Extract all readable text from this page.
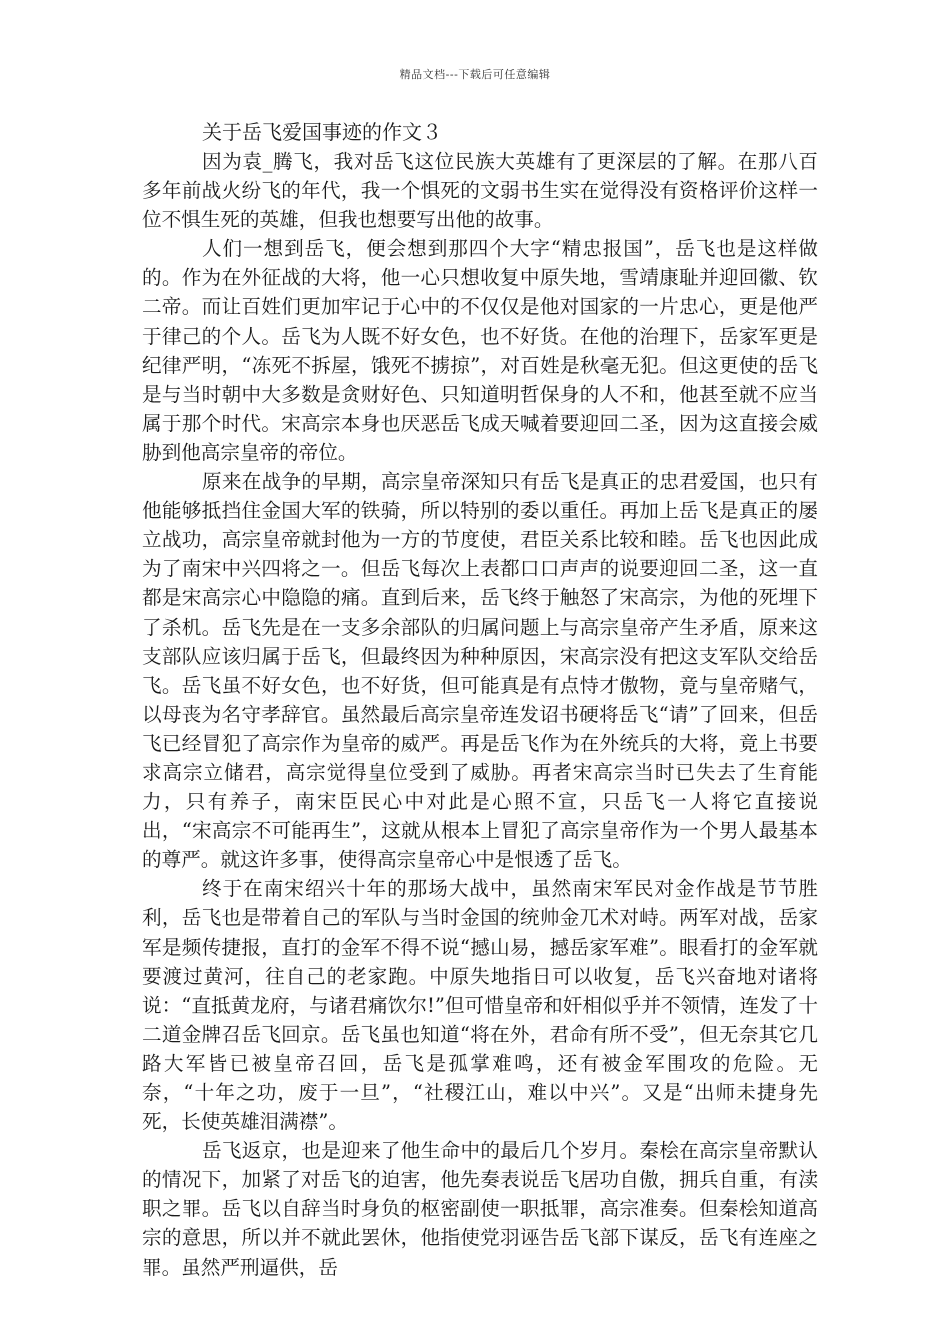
精品文档---下载后可任意编辑
关于岳飞爱国事迹的作文３

因为袁_腾飞，我对岳飞这位民族大英雄有了更深层的了解。在那八百多年前战火纷飞的年代，我一个惧死的文弱书生实在觉得没有资格评价这样一位不惧生死的英雄，但我也想要写出他的故事。

人们一想到岳飞，便会想到那四个大字“精忠报国”，岳飞也是这样做的。作为在外征战的大将，他一心只想收复中原失地，雪靖康耻并迎回徽、钦二帝。而让百姓们更加牢记于心中的不仅仅是他对国家的一片忠心，更是他严于律己的个人。岳飞为人既不好女色，也不好货。在他的治理下，岳家军更是纪律严明，“冻死不拆屋，饿死不掳掠”，对百姓是秋毫无犯。但这更使的岳飞是与当时朝中大多数是贪财好色、只知道明哲保身的人不和，他甚至就不应当属于那个时代。宋高宗本身也厌恶岳飞成天喊着要迎回二圣，因为这直接会威胁到他高宗皇帝的帝位。

原来在战争的早期，高宗皇帝深知只有岳飞是真正的忠君爱国，也只有他能够抵挡住金国大军的铁骑，所以特别的委以重任。再加上岳飞是真正的屡立战功，高宗皇帝就封他为一方的节度使，君臣关系比较和睦。岳飞也因此成为了南宋中兴四将之一。但岳飞每次上表都口口声声的说要迎回二圣，这一直都是宋高宗心中隐隐的痛。直到后来，岳飞终于触怒了宋高宗，为他的死埋下了杀机。岳飞先是在一支多余部队的归属问题上与高宗皇帝产生矛盾，原来这支部队应该归属于岳飞，但最终因为种种原因，宋高宗没有把这支军队交给岳飞。岳飞虽不好女色，也不好货，但可能真是有点恃才傲物，竟与皇帝赌气，以母丧为名守孝辞官。虽然最后高宗皇帝连发诏书硬将岳飞“请”了回来，但岳飞已经冒犯了高宗作为皇帝的威严。再是岳飞作为在外统兵的大将，竟上书要求高宗立储君，高宗觉得皇位受到了威胁。再者宋高宗当时已失去了生育能力，只有养子，南宋臣民心中对此是心照不宣，只岳飞一人将它直接说出，“宋高宗不可能再生”，这就从根本上冒犯了高宗皇帝作为一个男人最基本的尊严。就这许多事，使得高宗皇帝心中是恨透了岳飞。

终于在南宋绍兴十年的那场大战中，虽然南宋军民对金作战是节节胜利，岳飞也是带着自己的军队与当时金国的统帅金兀术对峙。两军对战，岳家军是频传捷报，直打的金军不得不说“撼山易，撼岳家军难”。眼看打的金军就要渡过黄河，往自己的老家跑。中原失地指日可以收复，岳飞兴奋地对诸将说：“直抵黄龙府，与诸君痛饮尔!”但可惜皇帝和奸相似乎并不领情，连发了十二道金牌召岳飞回京。岳飞虽也知道“将在外，君命有所不受”，但无奈其它几路大军皆已被皇帝召回，岳飞是孤掌难鸣，还有被金军围攻的危险。无奈，“十年之功，废于一旦”，“社稷江山，难以中兴”。又是“出师未捷身先死，长使英雄泪满襟”。

岳飞返京，也是迎来了他生命中的最后几个岁月。秦桧在高宗皇帝默认的情况下，加紧了对岳飞的迫害，他先奏表说岳飞居功自傲，拥兵自重，有渎职之罪。岳飞以自辞当时身负的枢密副使一职抵罪，高宗准奏。但秦桧知道高宗的意思，所以并不就此罢休，他指使党羽诬告岳飞部下谋反，岳飞有连座之罪。虽然严刑逼供，岳
